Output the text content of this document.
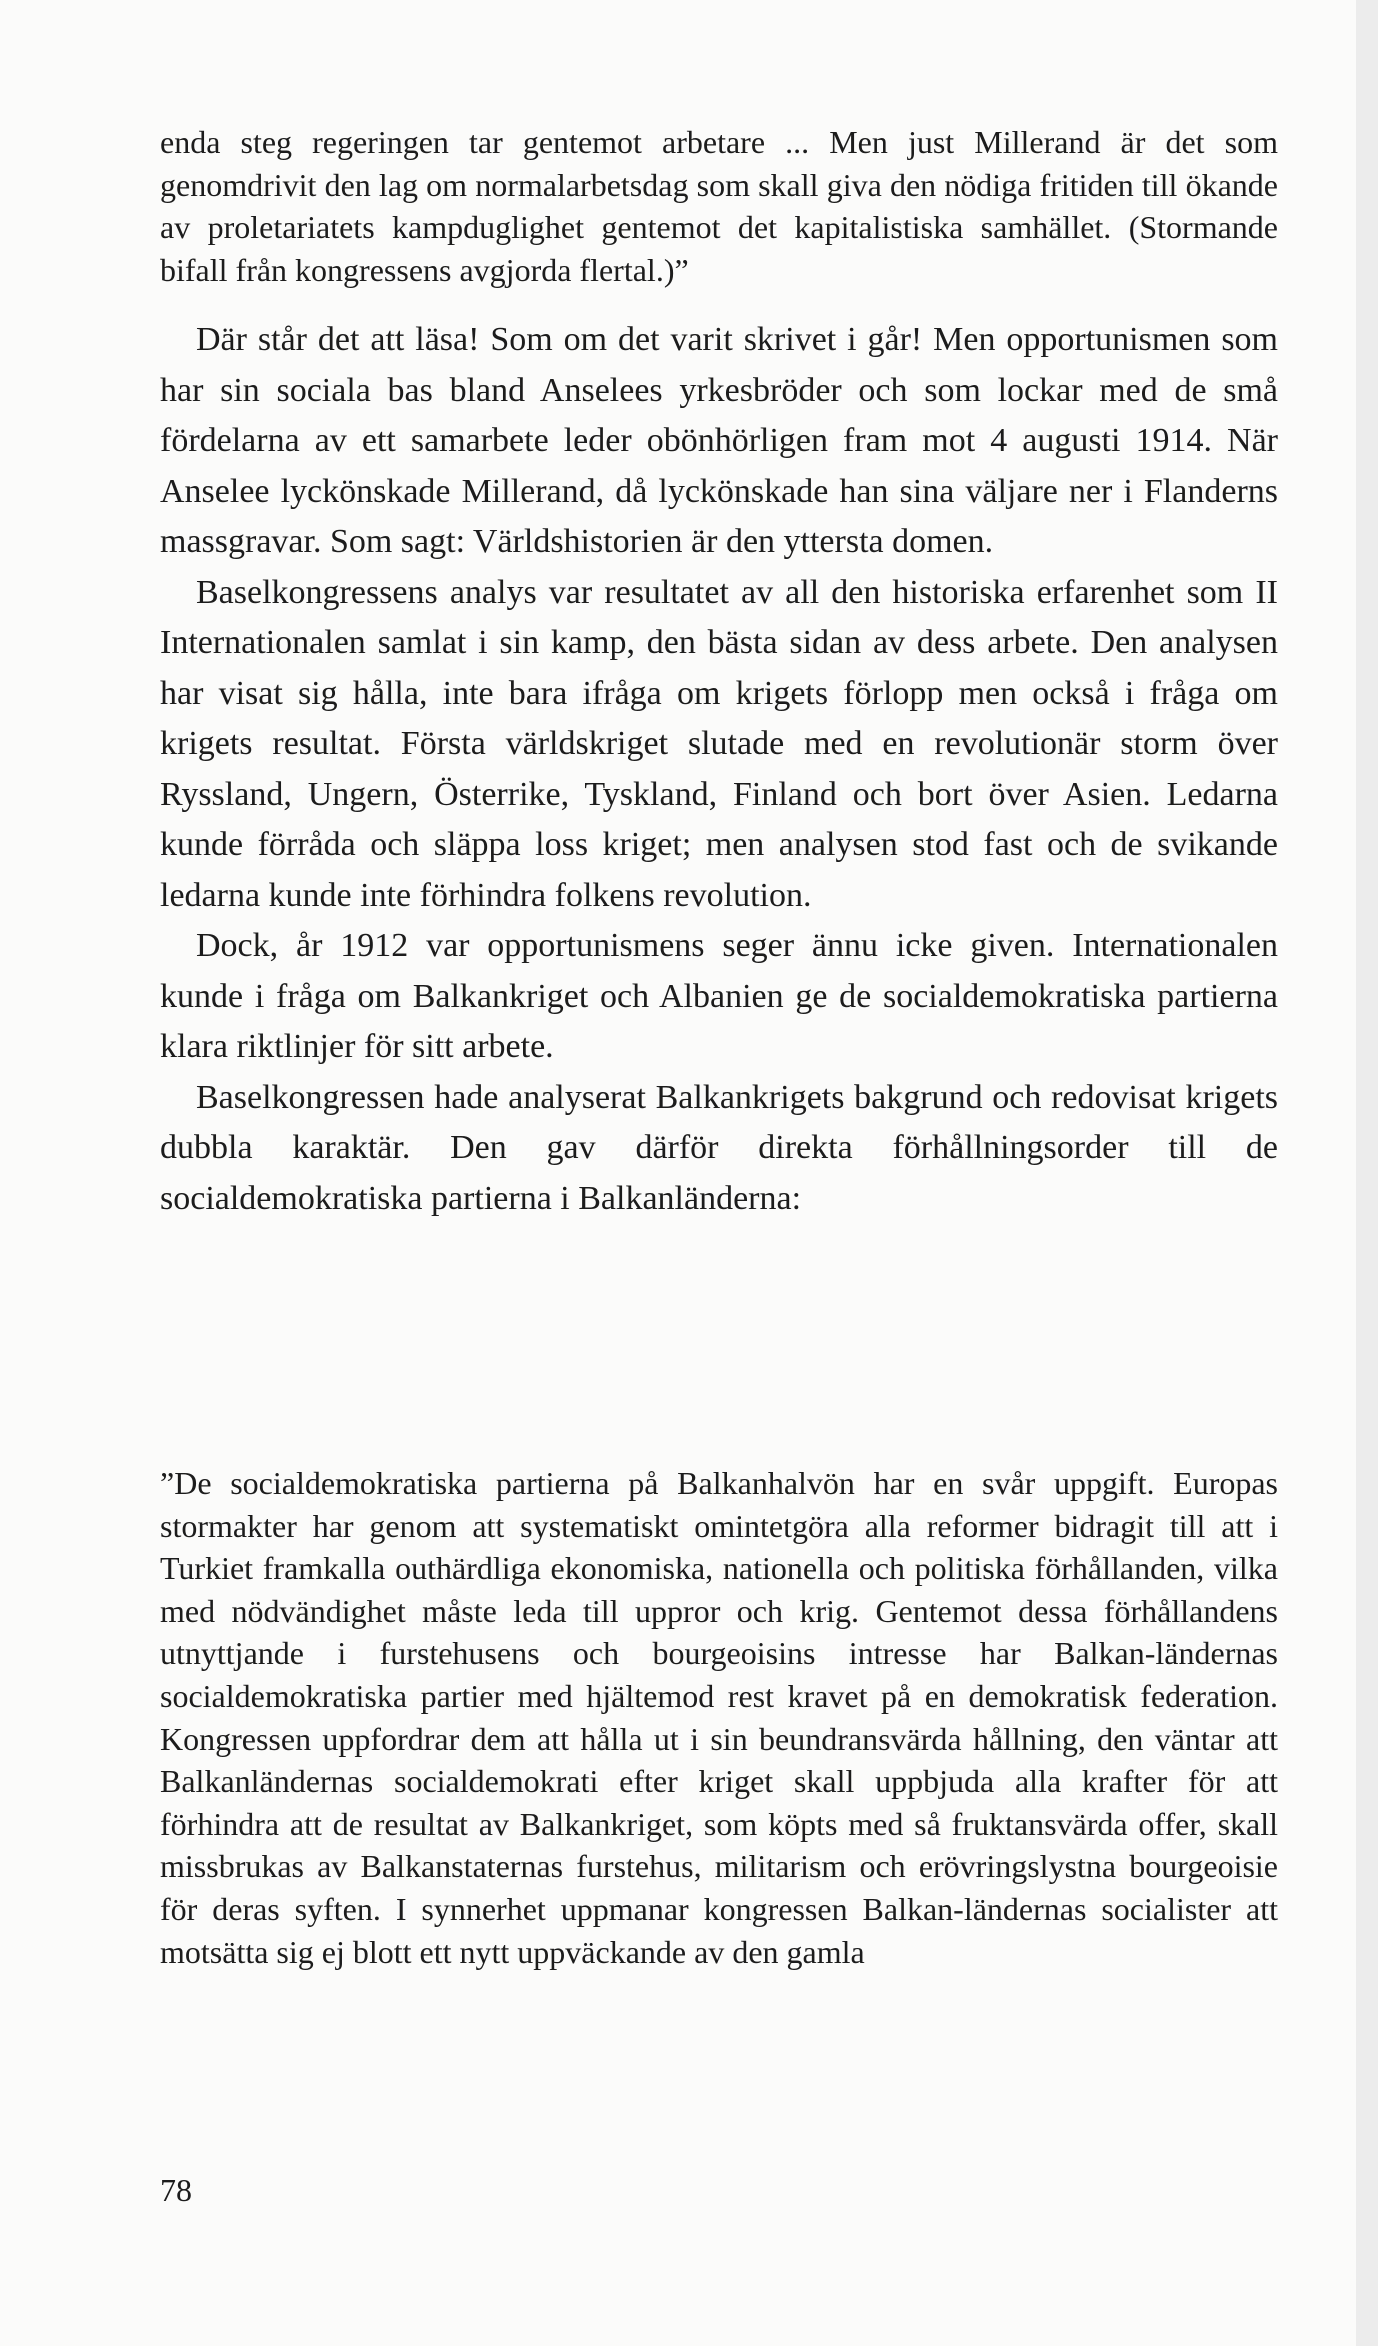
enda steg regeringen tar gentemot arbetare ... Men just Millerand är det som genomdrivit den lag om normalarbetsdag som skall giva den nödiga fritiden till ökande av proletariatets kampduglighet gentemot det kapitalistiska samhället. (Stormande bifall från kongressens avgjorda flertal.)”

Där står det att läsa! Som om det varit skrivet i går! Men opportunismen som har sin sociala bas bland Anselees yrkesbröder och som lockar med de små fördelarna av ett samarbete leder obönhörligen fram mot 4 augusti 1914. När Anselee lyckönskade Millerand, då lyckönskade han sina väljare ner i Flanderns massgravar. Som sagt: Världshistorien är den yttersta domen.

Baselkongressens analys var resultatet av all den historiska erfarenhet som II Internationalen samlat i sin kamp, den bästa sidan av dess arbete. Den analysen har visat sig hålla, inte bara ifråga om krigets förlopp men också i fråga om krigets resultat. Första världskriget slutade med en revolutionär storm över Ryssland, Ungern, Österrike, Tyskland, Finland och bort över Asien. Ledarna kunde förråda och släppa loss kriget; men analysen stod fast och de svikande ledarna kunde inte förhindra folkens revolution.

Dock, år 1912 var opportunismens seger ännu icke given. Internationalen kunde i fråga om Balkankriget och Albanien ge de socialdemokratiska partierna klara riktlinjer för sitt arbete.

Baselkongressen hade analyserat Balkankrigets bakgrund och redovisat krigets dubbla karaktär. Den gav därför direkta förhållningsorder till de socialdemokratiska partierna i Balkanländerna:

”De socialdemokratiska partierna på Balkanhalvön har en svår uppgift. Europas stormakter har genom att systematiskt omintetgöra alla reformer bidragit till att i Turkiet framkalla outhärdliga ekonomiska, nationella och politiska förhållanden, vilka med nödvändighet måste leda till uppror och krig. Gentemot dessa förhållandens utnyttjande i furstehusens och bourgeoisins intresse har Balkan-ländernas socialdemokratiska partier med hjältemod rest kravet på en demokratisk federation. Kongressen uppfordrar dem att hålla ut i sin beundransvärda hållning, den väntar att Balkanländernas socialdemokrati efter kriget skall uppbjuda alla krafter för att förhindra att de resultat av Balkankriget, som köpts med så fruktansvärda offer, skall missbrukas av Balkanstaternas furstehus, militarism och erövringslystna bourgeoisie för deras syften. I synnerhet uppmanar kongressen Balkan-ländernas socialister att motsätta sig ej blott ett nytt uppväckande av den gamla

78
